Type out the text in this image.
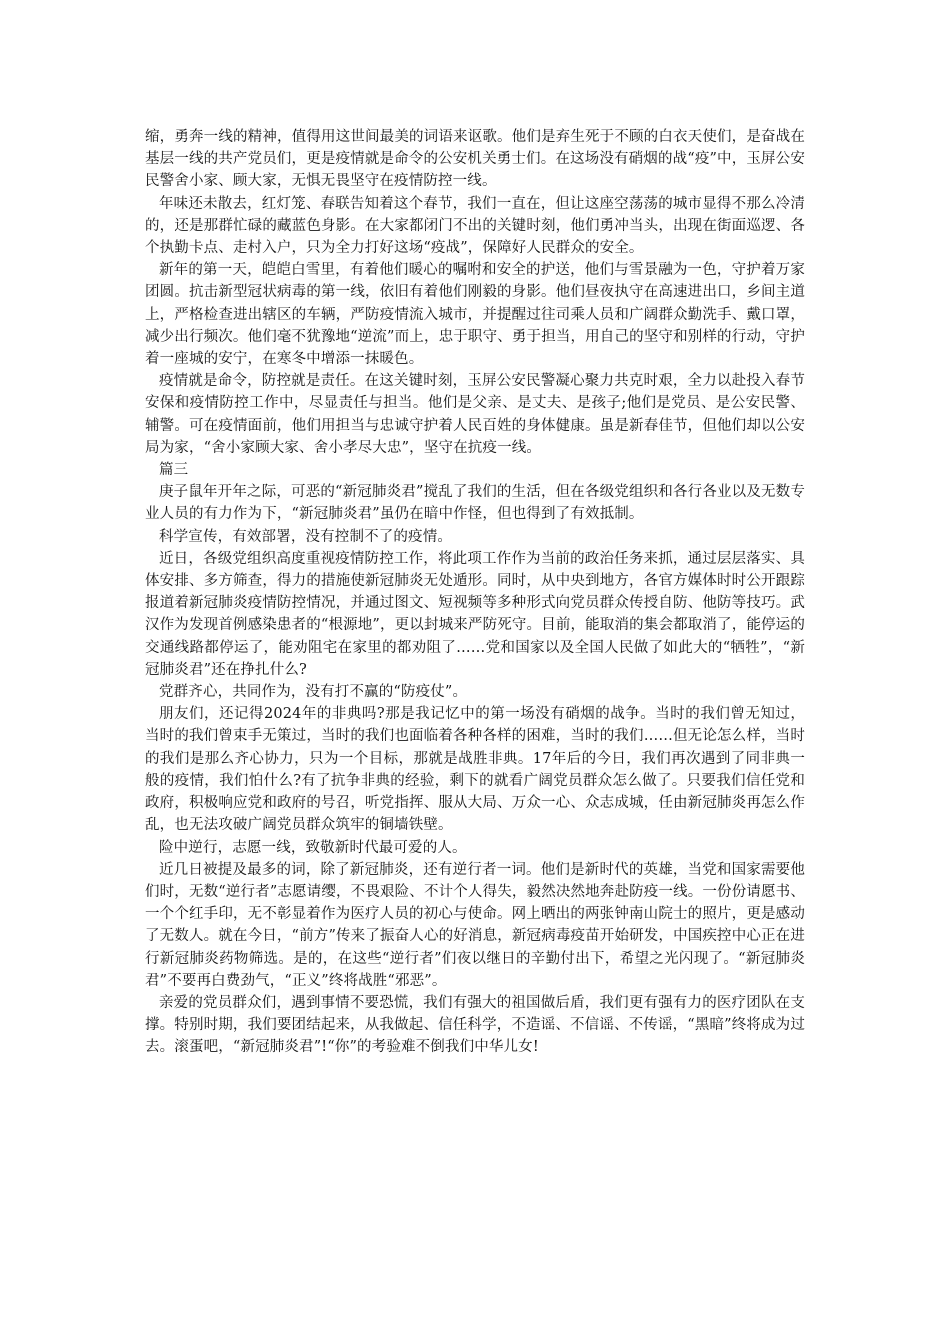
缩，勇奔一线的精神，值得用这世间最美的词语来讴歌。他们是弃生死于不顾的白衣天使们，是奋战在基层一线的共产党员们，更是疫情就是命令的公安机关勇士们。在这场没有硝烟的战“疫”中，玉屏公安民警舍小家、顾大家，无惧无畏坚守在疫情防控一线。

年味还未散去，红灯笼、春联告知着这个春节，我们一直在，但让这座空荡荡的城市显得不那么冷清的，还是那群忙碌的藏蓝色身影。在大家都闭门不出的关键时刻，他们勇冲当头，出现在街面巡逻、各个执勤卡点、走村入户，只为全力打好这场“疫战”，保障好人民群众的安全。

新年的第一天，皑皑白雪里，有着他们暖心的嘱咐和安全的护送，他们与雪景融为一色，守护着万家团圆。抗击新型冠状病毒的第一线，依旧有着他们刚毅的身影。他们昼夜执守在高速进出口，乡间主道上，严格检查进出辖区的车辆，严防疫情流入城市，并提醒过往司乘人员和广阔群众勤洗手、戴口罩，减少出行频次。他们毫不犹豫地“逆流”而上，忠于职守、勇于担当，用自己的坚守和别样的行动，守护着一座城的安宁，在寒冬中增添一抹暖色。

疫情就是命令，防控就是责任。在这关键时刻，玉屏公安民警凝心聚力共克时艰，全力以赴投入春节安保和疫情防控工作中，尽显责任与担当。他们是父亲、是丈夫、是孩子;他们是党员、是公安民警、辅警。可在疫情面前，他们用担当与忠诚守护着人民百姓的身体健康。虽是新春佳节，但他们却以公安局为家，“舍小家顾大家、舍小孝尽大忠”，坚守在抗疫一线。

篇三

庚子鼠年开年之际，可恶的“新冠肺炎君”搅乱了我们的生活，但在各级党组织和各行各业以及无数专业人员的有力作为下，“新冠肺炎君”虽仍在暗中作怪，但也得到了有效抵制。

科学宣传，有效部署，没有控制不了的疫情。

近日，各级党组织高度重视疫情防控工作，将此项工作作为当前的政治任务来抓，通过层层落实、具体安排、多方筛查，得力的措施使新冠肺炎无处遁形。同时，从中央到地方，各官方媒体时时公开跟踪报道着新冠肺炎疫情防控情况，并通过图文、短视频等多种形式向党员群众传授自防、他防等技巧。武汉作为发现首例感染患者的“根源地”，更以封城来严防死守。目前，能取消的集会都取消了，能停运的交通线路都停运了，能劝阻宅在家里的都劝阻了……党和国家以及全国人民做了如此大的“牺牲”，“新冠肺炎君”还在挣扎什么?

党群齐心，共同作为，没有打不赢的“防疫仗”。

朋友们，还记得2024年的非典吗?那是我记忆中的第一场没有硝烟的战争。当时的我们曾无知过，当时的我们曾束手无策过，当时的我们也面临着各种各样的困难，当时的我们……但无论怎么样，当时的我们是那么齐心协力，只为一个目标，那就是战胜非典。17年后的今日，我们再次遇到了同非典一般的疫情，我们怕什么?有了抗争非典的经验，剩下的就看广阔党员群众怎么做了。只要我们信任党和政府，积极响应党和政府的号召，听党指挥、服从大局、万众一心、众志成城，任由新冠肺炎再怎么作乱，也无法攻破广阔党员群众筑牢的铜墙铁壁。

险中逆行，志愿一线，致敬新时代最可爱的人。

近几日被提及最多的词，除了新冠肺炎，还有逆行者一词。他们是新时代的英雄，当党和国家需要他们时，无数“逆行者”志愿请缨，不畏艰险、不计个人得失，毅然决然地奔赴防疫一线。一份份请愿书、一个个红手印，无不彰显着作为医疗人员的初心与使命。网上晒出的两张钟南山院士的照片，更是感动了无数人。就在今日，“前方”传来了振奋人心的好消息，新冠病毒疫苗开始研发，中国疾控中心正在进行新冠肺炎药物筛选。是的，在这些“逆行者”们夜以继日的辛勤付出下，希望之光闪现了。“新冠肺炎君”不要再白费劲气，“正义”终将战胜“邪恶”。

亲爱的党员群众们，遇到事情不要恐慌，我们有强大的祖国做后盾，我们更有强有力的医疗团队在支撑。特别时期，我们要团结起来，从我做起、信任科学，不造谣、不信谣、不传谣，“黑暗”终将成为过去。滚蛋吧，“新冠肺炎君”!“你”的考验难不倒我们中华儿女!
